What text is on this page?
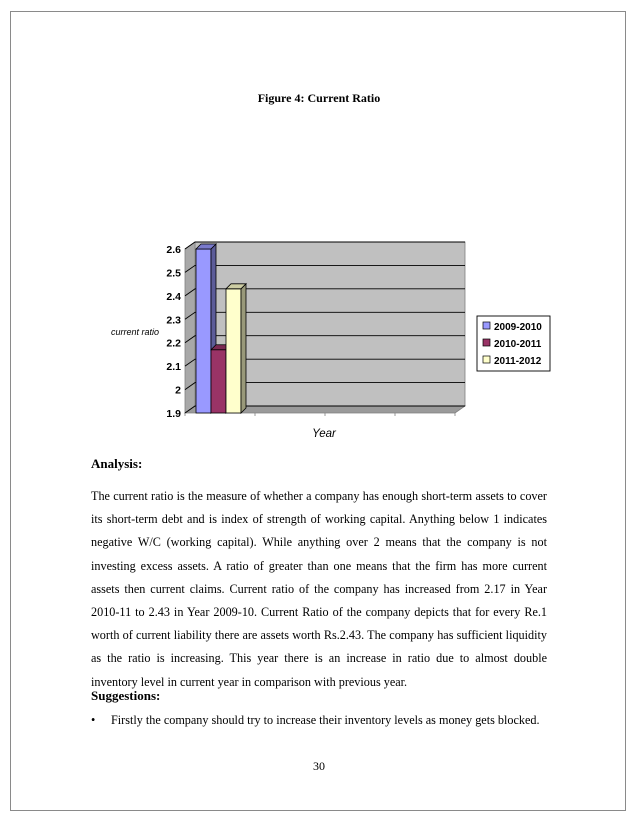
Figure 4: Current Ratio
2.6
2.5
2.4
2.3
2.2
2.1
2
1.9
current ratio
Year
2009-2010
2010-2011
2011-2012
Analysis:

The current ratio is the measure of whether a company has enough short-term assets to cover its short-term debt and is index of strength of working capital. Anything below 1 indicates negative W/C (working capital). While anything over 2 means that the company is not investing excess assets. A ratio of greater than one means that the firm has more current assets then current claims. Current ratio of the company has increased from 2.17 in Year 2010-11 to 2.43 in Year 2009-10. Current Ratio of the company depicts that for every Re.1 worth of current liability there are assets worth Rs.2.43. The company has sufficient liquidity as the ratio is increasing. This year there is an increase in ratio due to almost double inventory level in current year in comparison with previous year.

Suggestions:
•	Firstly the company should try to increase their inventory levels as money gets blocked.
30
